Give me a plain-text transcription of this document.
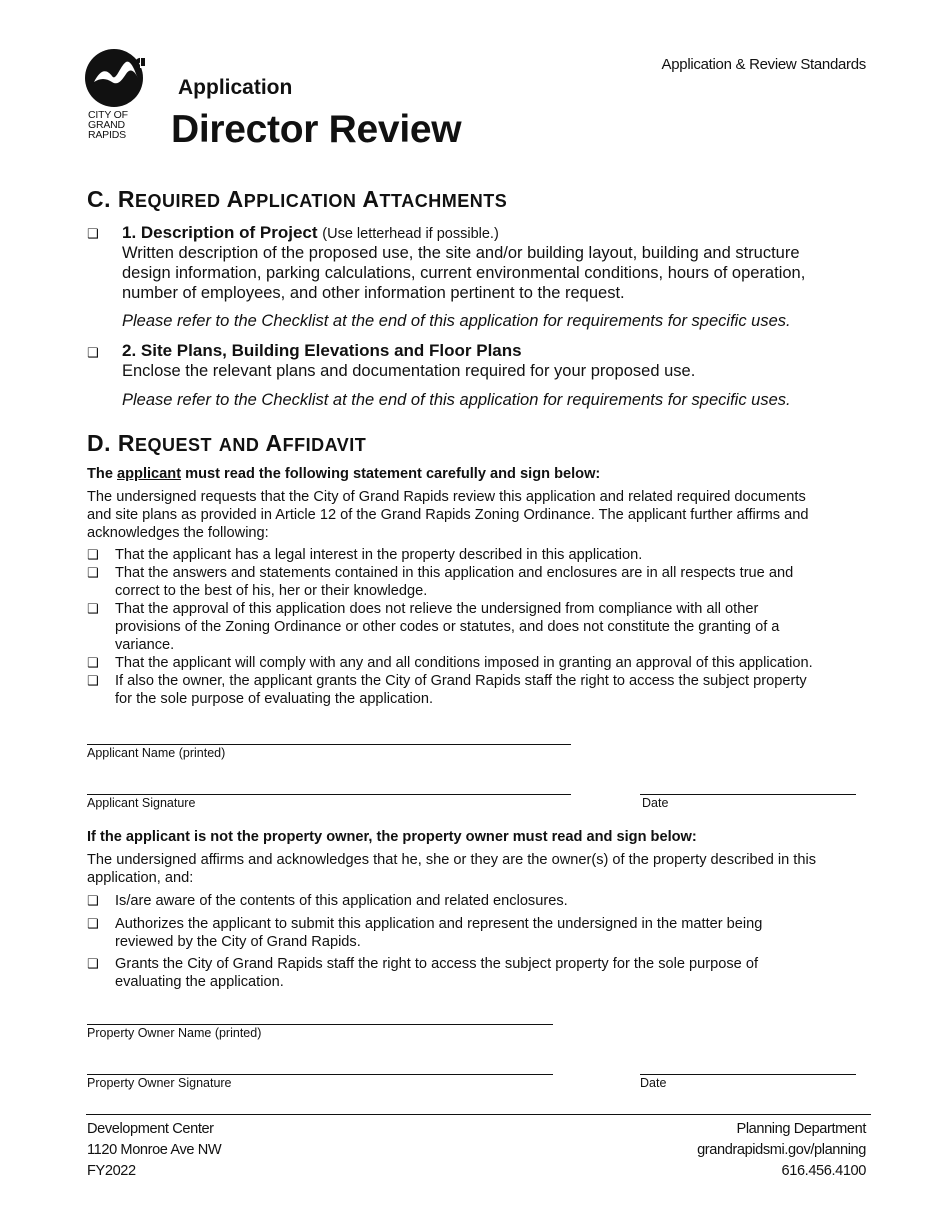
CITY OF
GRAND
RAPIDS
Application & Review Standards
Application
Director Review
C. REQUIRED APPLICATION ATTACHMENTS
❑ 1. Description of Project (Use letterhead if possible.)
Written description of the proposed use, the site and/or building layout, building and structure
design information, parking calculations, current environmental conditions, hours of operation,
number of employees, and other information pertinent to the request.
Please refer to the Checklist at the end of this application for requirements for specific uses.
❑ 2. Site Plans, Building Elevations and Floor Plans
Enclose the relevant plans and documentation required for your proposed use.
Please refer to the Checklist at the end of this application for requirements for specific uses.
D. REQUEST AND AFFIDAVIT
The applicant must read the following statement carefully and sign below:
The undersigned requests that the City of Grand Rapids review this application and related required documents
and site plans as provided in Article 12 of the Grand Rapids Zoning Ordinance. The applicant further affirms and
acknowledges the following:
❑ That the applicant has a legal interest in the property described in this application.
❑ That the answers and statements contained in this application and enclosures are in all respects true and
correct to the best of his, her or their knowledge.
❑ That the approval of this application does not relieve the undersigned from compliance with all other
provisions of the Zoning Ordinance or other codes or statutes, and does not constitute the granting of a
variance.
❑ That the applicant will comply with any and all conditions imposed in granting an approval of this application.
❑ If also the owner, the applicant grants the City of Grand Rapids staff the right to access the subject property
for the sole purpose of evaluating the application.
Applicant Name (printed)
Applicant Signature	Date
If the applicant is not the property owner, the property owner must read and sign below:
The undersigned affirms and acknowledges that he, she or they are the owner(s) of the property described in this
application, and:
❑ Is/are aware of the contents of this application and related enclosures.
❑ Authorizes the applicant to submit this application and represent the undersigned in the matter being
reviewed by the City of Grand Rapids.
❑ Grants the City of Grand Rapids staff the right to access the subject property for the sole purpose of
evaluating the application.
Property Owner Name (printed)
Property Owner Signature	Date
Development Center
1120 Monroe Ave NW
FY2022
Planning Department
grandrapidsmi.gov/planning
616.456.4100
